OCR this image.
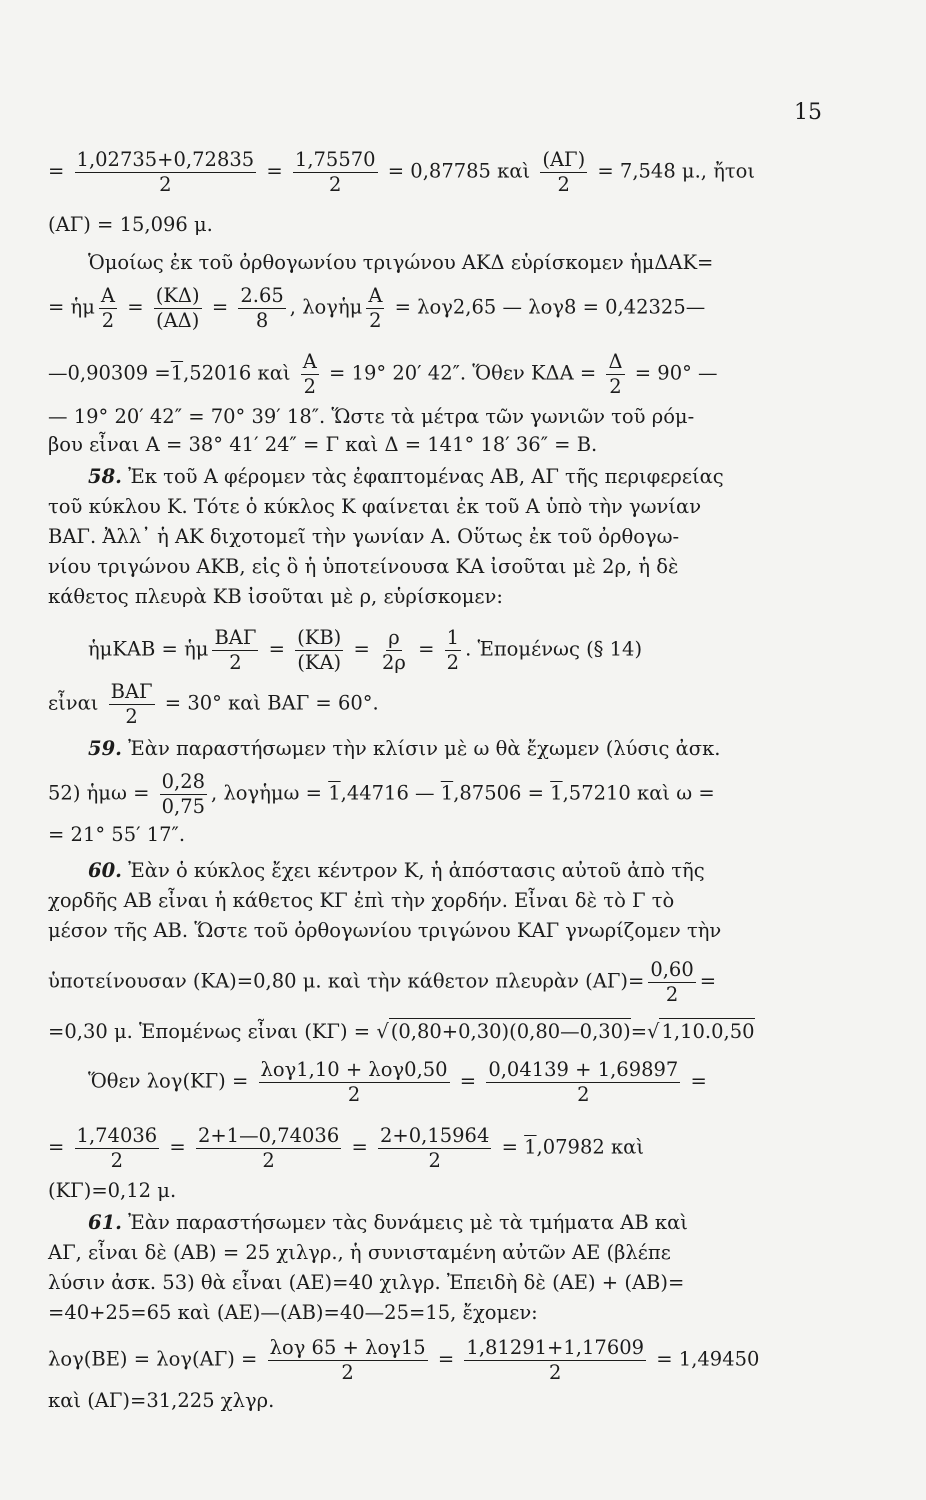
15
= $\frac{1,02735+0,72835}{2} = \frac{1,75570}{2} = 0,87785$ καὶ $\frac{(A\Gamma)}{2} = 7,548$ μ., ἤτοι
(ΑΓ) = 15,096 μ.
Ὁμοίως ἐκ τοῦ ὀρθογωνίου τριγώνου ΑΚΔ εὑρίσκομεν ἡμΔΑΚ=
= ἡμ $\frac{A}{2} = \frac{(K\Delta)}{(A\Delta)} = \frac{2.65}{8}$ , λογἡμ $\frac{A}{2} = \lambda o\gamma 2,65$ — λογ8 = 0,42325—
—0,90309 =1,52016 καὶ $\frac{A}{2} = 19^\circ$ 20′ 42″. Ὅθεν $K\Delta A = \frac{\Delta}{2} = 90^\circ$ —
— 19° 20′ 42″ = 70° 39′ 18″. Ὥστε τὰ μέτρα τῶν γωνιῶν τοῦ ρόμ-
βου εἶναι Α = 38° 41′ 24″ = Γ καὶ Δ = 141° 18′ 36″ = Β.
58. Ἐκ τοῦ Α φέρομεν τὰς ἐφαπτομένας ΑΒ, ΑΓ τῆς περιφερείας
τοῦ κύκλου Κ. Τότε ὁ κύκλος Κ φαίνεται ἐκ τοῦ Α ὑπὸ τὴν γωνίαν
ΒΑΓ. Ἀλλ᾽ ἡ ΑΚ διχοτομεῖ τὴν γωνίαν Α. Οὕτως ἐκ τοῦ ὀρθογω-
νίου τριγώνου ΑΚΒ, εἰς ὃ ἡ ὑποτείνουσα ΚΑ ἰσοῦται μὲ 2ρ, ἡ δὲ
κάθετος πλευρὰ ΚΒ ἰσοῦται μὲ ρ, εὑρίσκομεν:
ἡμΚΑΒ = ἡμ $\frac{\text{ΒΑΓ}}{2} = \frac{(KB)}{(KA)} = \frac{\rho}{2\rho} = \frac{1}{2}$ . Ἑπομένως (§ 14)
εἶναι $\frac{\text{ΒΑΓ}}{2} = 30^\circ$ καὶ ΒΑΓ = 60°.
59. Ἐὰν παραστήσωμεν τὴν κλίσιν μὲ ω θὰ ἔχωμεν (λύσις ἀσκ.
52) ἡμω = $\frac{0,28}{0,75}$ , λογἡμω = 1,44716 — 1,87506 = 1,57210 καὶ ω =
= 21° 55′ 17″.
60. Ἐὰν ὁ κύκλος ἔχει κέντρον Κ, ἡ ἀπόστασις αὐτοῦ ἀπὸ τῆς
χορδῆς ΑΒ εἶναι ἡ κάθετος ΚΓ ἐπὶ τὴν χορδήν. Εἶναι δὲ τὸ Γ τὸ
μέσον τῆς ΑΒ. Ὥστε τοῦ ὀρθογωνίου τριγώνου ΚΑΓ γνωρίζομεν τὴν
ὑποτείνουσαν (ΚΑ)=0,80 μ. καὶ τὴν κάθετον πλευρὰν $(A\Gamma)= \frac{0,60}{2}$ =
=0,30 μ. Ἑπομένως εἶναι (ΚΓ) = √ (0,80+0,30)(0,80—0,30)=√ 1,10.0,50
Ὅθεν $\lambda o\gamma(K\Gamma) = \frac{\text{λογ1,10 + λογ0,50}}{2} = \frac{0,04139 + 1,69897}{2}$ =
= $\frac{1,74036}{2} = \frac{2+1—0,74036}{2} = \frac{2+0,15964}{2} = 1,07982$ καὶ
(ΚΓ)=0,12 μ.
61. Ἐὰν παραστήσωμεν τὰς δυνάμεις μὲ τὰ τμήματα ΑΒ καὶ
ΑΓ, εἶναι δὲ (ΑΒ) = 25 χιλγρ., ἡ συνισταμένη αὐτῶν ΑΕ (βλέπε
λύσιν ἀσκ. 53) θὰ εἶναι (ΑΕ)=40 χιλγρ. Ἐπειδὴ δὲ (ΑΕ) + (ΑΒ)=
=40+25=65 καὶ (ΑΕ)—(ΑΒ)=40—25=15, ἔχομεν:
$\lambda o\gamma(BE) = \lambda o\gamma(A\Gamma) = \frac{\text{λογ 65 + λογ15}}{2} = \frac{1,81291+1,17609}{2} = 1,49450$
καὶ (ΑΓ)=31,225 χλγρ.
